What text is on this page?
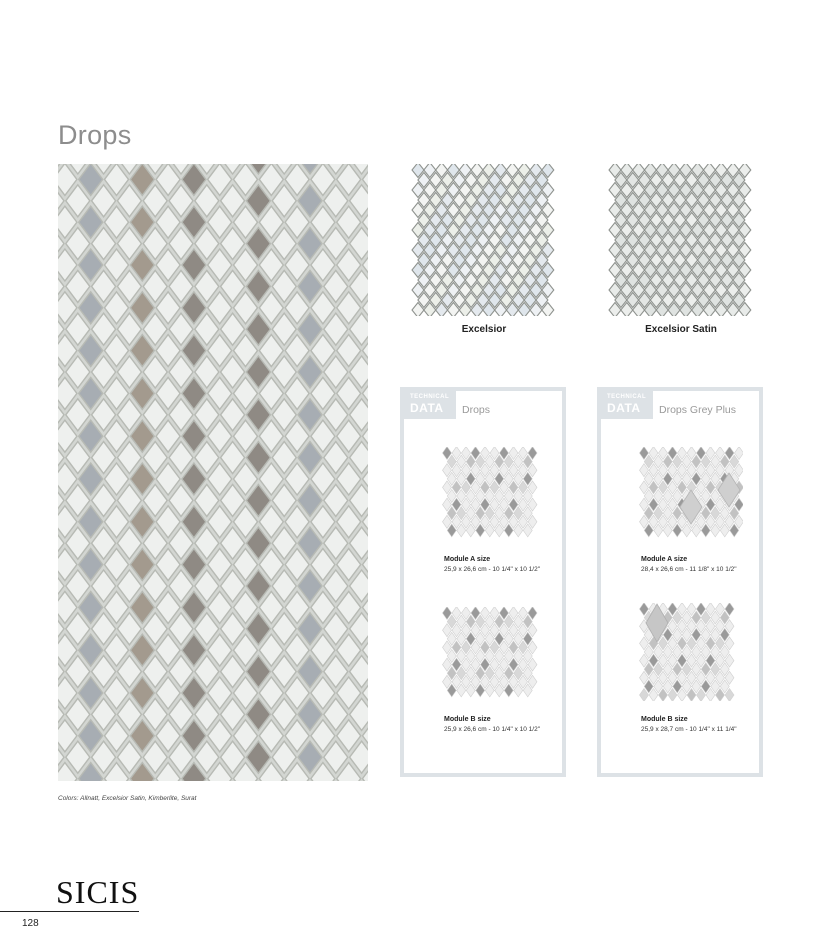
Drops
Colors: Allnatt, Excelsior Satin, Kimberlite, Surat
Excelsior	Excelsior Satin
TECHNICAL
DATA Drops
Module A size
25,9 x 26,6 cm - 10 1/4" x 10 1/2"
Module B size
25,9 x 26,6 cm - 10 1/4" x 10 1/2"
TECHNICAL
DATA Drops Grey Plus
Module A size
28,4 x 26,6 cm - 11 1/8" x 10 1/2"
Module B size
25,9 x 28,7 cm - 10 1/4" x 11 1/4"
SICIS
128
